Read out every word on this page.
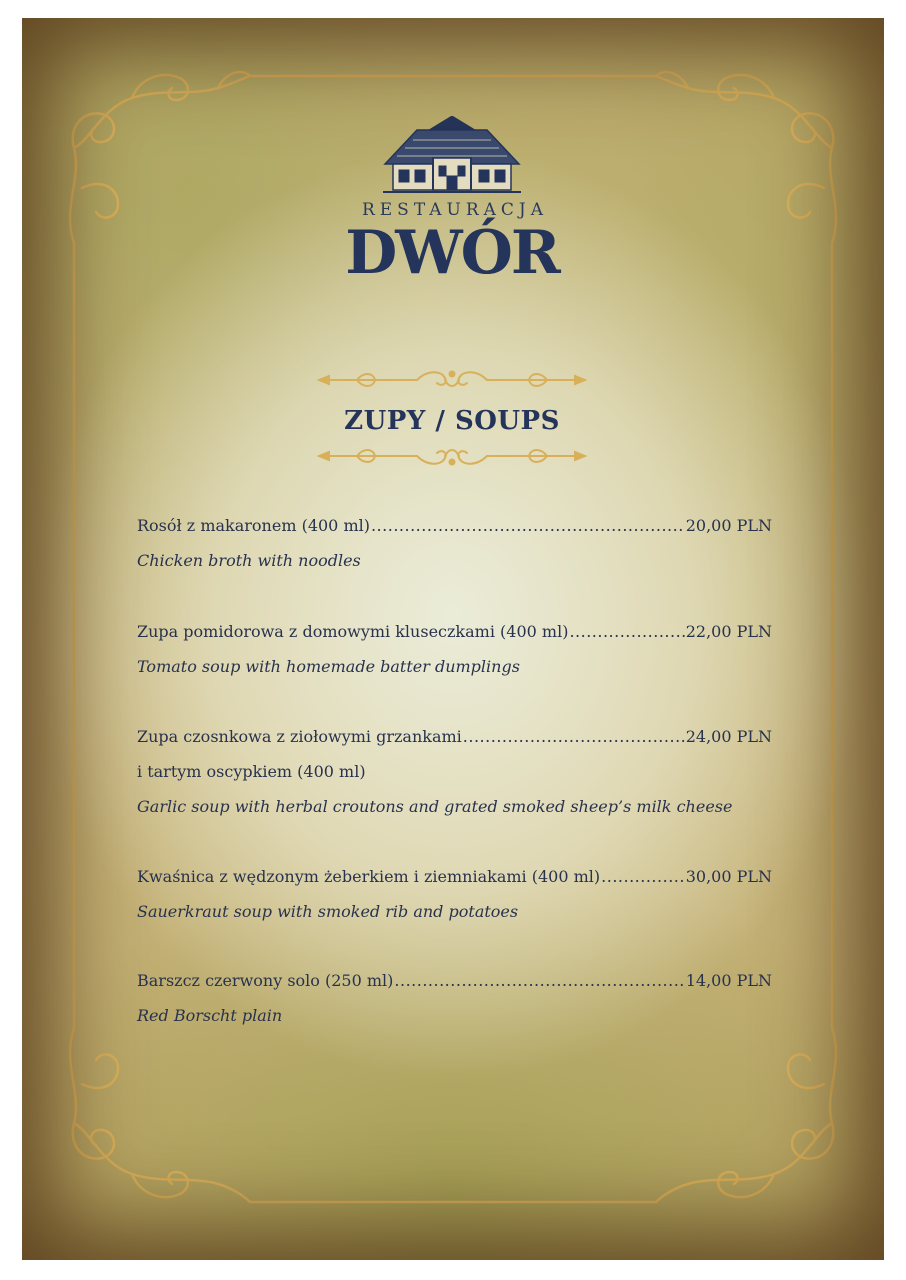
RESTAURACJA
DWÓR
ZUPY / SOUPS
Rosół z makaronem (400 ml) .....	20,00 PLN
Chicken broth with noodles
Zupa pomidorowa z domowymi kluseczkami (400 ml) .....	22,00 PLN
Tomato soup with homemade batter dumplings
Zupa czosnkowa z ziołowymi grzankami .....	24,00 PLN
i tartym oscypkiem (400 ml)
Garlic soup with herbal croutons and grated smoked sheep’s milk cheese
Kwaśnica z wędzonym żeberkiem i ziemniakami (400 ml) .....	30,00 PLN
Sauerkraut soup with smoked rib and potatoes
Barszcz czerwony solo (250 ml) .....	14,00 PLN
Red Borscht plain
